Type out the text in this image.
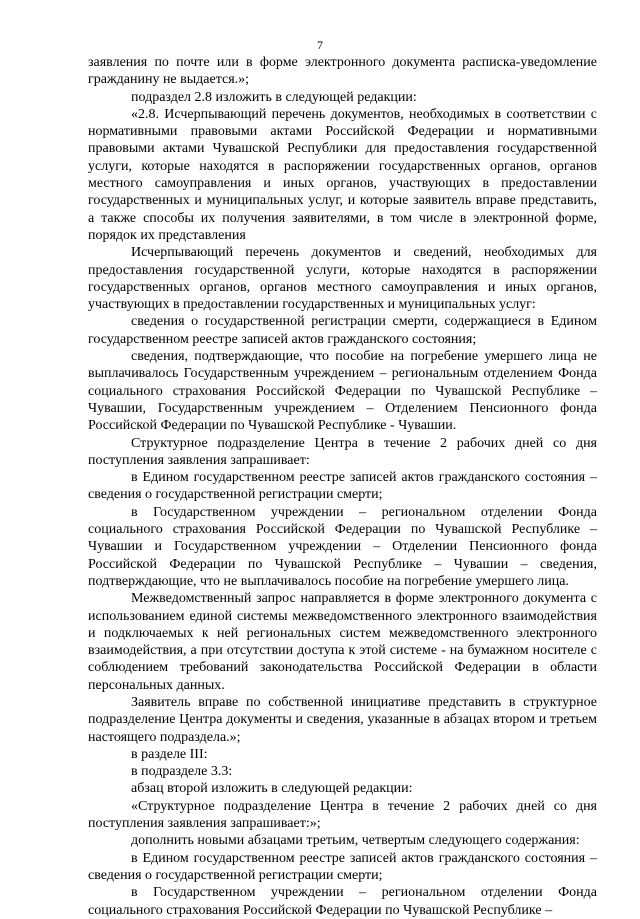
7

заявления по почте или в форме электронного документа расписка-уведомление гражданину не выдается.»;

подраздел 2.8 изложить в следующей редакции:

«2.8. Исчерпывающий перечень документов, необходимых в соответствии с нормативными правовыми актами Российской Федерации и нормативными правовыми актами Чувашской Республики для предоставления государственной услуги, которые находятся в распоряжении государственных органов, органов местного самоуправления и иных органов, участвующих в предоставлении государственных и муниципальных услуг, и которые заявитель вправе представить, а также способы их получения заявителями, в том числе в электронной форме, порядок их представления

Исчерпывающий перечень документов и сведений, необходимых для предоставления государственной услуги, которые находятся в распоряжении государственных органов, органов местного самоуправления и иных органов, участвующих в предоставлении государственных и муниципальных услуг:

сведения о государственной регистрации смерти, содержащиеся в Едином государственном реестре записей актов гражданского состояния;

сведения, подтверждающие, что пособие на погребение умершего лица не выплачивалось Государственным учреждением – региональным отделением Фонда социального страхования Российской Федерации по Чувашской Республике – Чувашии, Государственным учреждением – Отделением Пенсионного фонда Российской Федерации по Чувашской Республике - Чувашии.

Структурное подразделение Центра в течение 2 рабочих дней со дня поступления заявления запрашивает:

в Едином государственном реестре записей актов гражданского состояния – сведения о государственной регистрации смерти;

в Государственном учреждении – региональном отделении Фонда социального страхования Российской Федерации по Чувашской Республике – Чувашии и Государственном учреждении – Отделении Пенсионного фонда Российской Федерации по Чувашской Республике – Чувашии – сведения, подтверждающие, что не выплачивалось пособие на погребение умершего лица.

Межведомственный запрос направляется в форме электронного документа с использованием единой системы межведомственного электронного взаимодействия и подключаемых к ней региональных систем межведомственного электронного взаимодействия, а при отсутствии доступа к этой системе - на бумажном носителе с соблюдением требований законодательства Российской Федерации в области персональных данных.

Заявитель вправе по собственной инициативе представить в структурное подразделение Центра документы и сведения, указанные в абзацах втором и третьем настоящего подраздела.»;

в разделе III:

в подразделе 3.3:

абзац второй изложить в следующей редакции:

«Структурное подразделение Центра в течение 2 рабочих дней со дня поступления заявления запрашивает:»;

дополнить новыми абзацами третьим, четвертым следующего содержания:

в Едином государственном реестре записей актов гражданского состояния – сведения о государственной регистрации смерти;

в Государственном учреждении – региональном отделении Фонда социального страхования Российской Федерации по Чувашской Республике –
